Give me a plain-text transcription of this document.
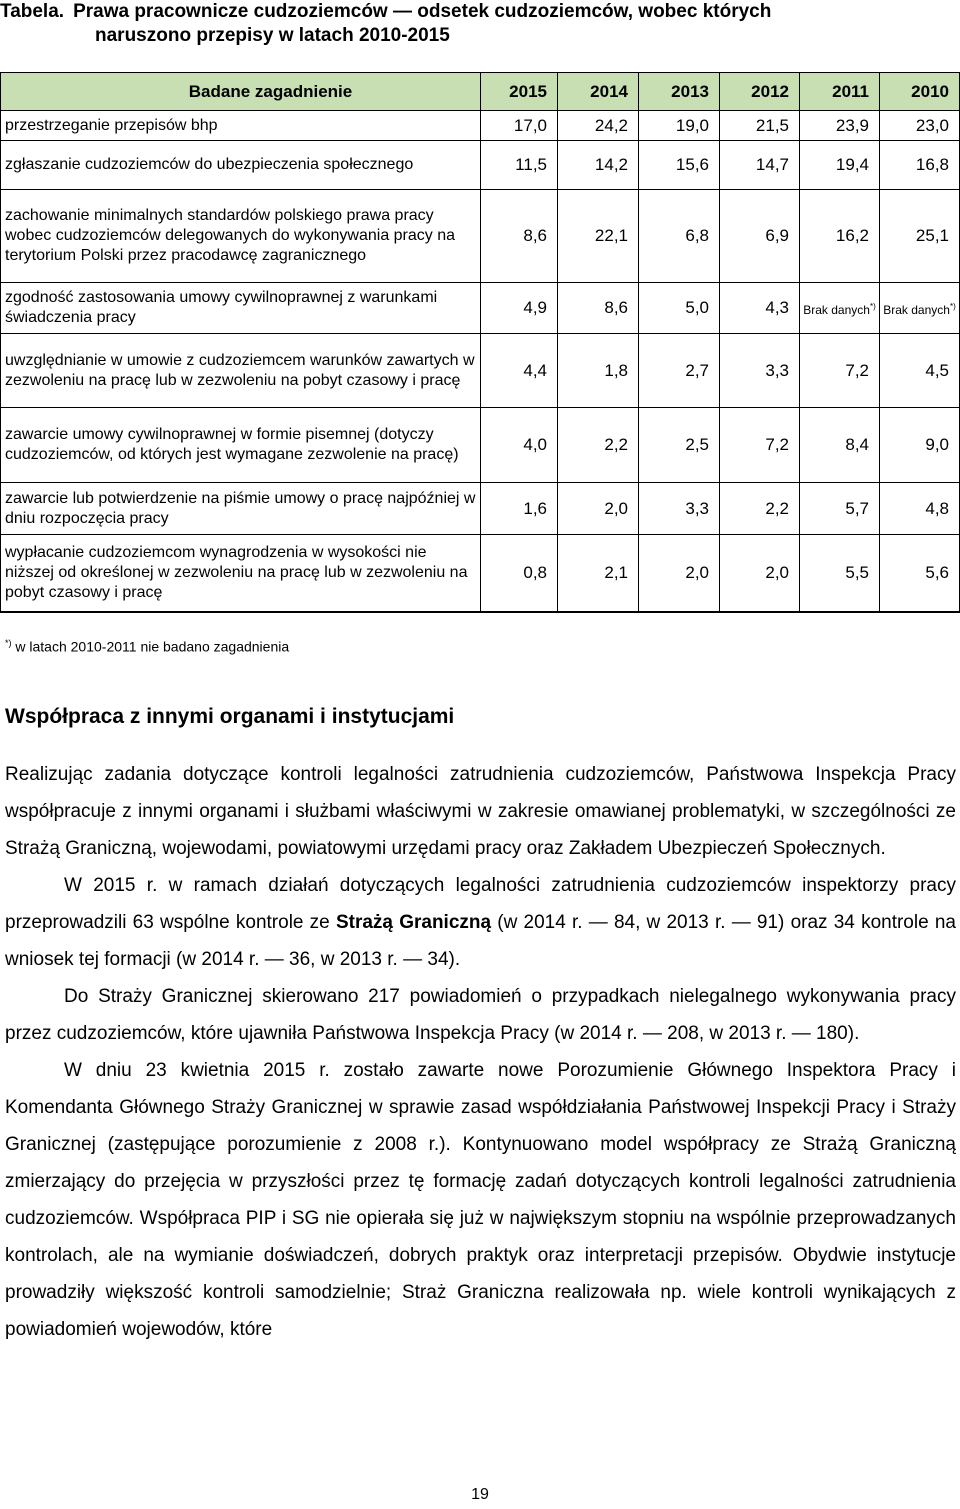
Tabela. Prawa pracownicze cudzoziemców — odsetek cudzoziemców, wobec których
naruszono przepisy w latach 2010-2015
Badane zagadnienie	2015	2014	2013	2012	2011	2010
przestrzeganie przepisów bhp	17,0	24,2	19,0	21,5	23,9	23,0
zgłaszanie cudzoziemców do ubezpieczenia społecznego	11,5	14,2	15,6	14,7	19,4	16,8
zachowanie minimalnych standardów polskiego prawa pracy wobec cudzoziemców delegowanych do wykonywania pracy na terytorium Polski przez pracodawcę zagranicznego	8,6	22,1	6,8	6,9	16,2	25,1
zgodność zastosowania umowy cywilnoprawnej z warunkami świadczenia pracy	4,9	8,6	5,0	4,3	Brak danych*)	Brak danych*)
uwzględnianie w umowie z cudzoziemcem warunków zawartych w zezwoleniu na pracę lub w zezwoleniu na pobyt czasowy i pracę	4,4	1,8	2,7	3,3	7,2	4,5
zawarcie umowy cywilnoprawnej w formie pisemnej (dotyczy cudzoziemców, od których jest wymagane zezwolenie na pracę)	4,0	2,2	2,5	7,2	8,4	9,0
zawarcie lub potwierdzenie na piśmie umowy o pracę najpóźniej w dniu rozpoczęcia pracy	1,6	2,0	3,3	2,2	5,7	4,8
wypłacanie cudzoziemcom wynagrodzenia w wysokości nie niższej od określonej w zezwoleniu na pracę lub w zezwoleniu na pobyt czasowy i pracę	0,8	2,1	2,0	2,0	5,5	5,6
*) w latach 2010-2011 nie badano zagadnienia
Współpraca z innymi organami i instytucjami

Realizując zadania dotyczące kontroli legalności zatrudnienia cudzoziemców, Państwowa Inspekcja Pracy współpracuje z innymi organami i służbami właściwymi w zakresie omawianej problematyki, w szczególności ze Strażą Graniczną, wojewodami, powiatowymi urzędami pracy oraz Zakładem Ubezpieczeń Społecznych.

W 2015 r. w ramach działań dotyczących legalności zatrudnienia cudzoziemców inspektorzy pracy przeprowadzili 63 wspólne kontrole ze Strażą Graniczną (w 2014 r. — 84, w 2013 r. — 91) oraz 34 kontrole na wniosek tej formacji (w 2014 r. — 36, w 2013 r. — 34).

Do Straży Granicznej skierowano 217 powiadomień o przypadkach nielegalnego wykonywania pracy przez cudzoziemców, które ujawniła Państwowa Inspekcja Pracy (w 2014 r. — 208, w 2013 r. — 180).

W dniu 23 kwietnia 2015 r. zostało zawarte nowe Porozumienie Głównego Inspektora Pracy i Komendanta Głównego Straży Granicznej w sprawie zasad współdziałania Państwowej Inspekcji Pracy i Straży Granicznej (zastępujące porozumienie z 2008 r.). Kontynuowano model współpracy ze Strażą Graniczną zmierzający do przejęcia w przyszłości przez tę formację zadań dotyczących kontroli legalności zatrudnienia cudzoziemców. Współpraca PIP i SG nie opierała się już w największym stopniu na wspólnie przeprowadzanych kontrolach, ale na wymianie doświadczeń, dobrych praktyk oraz interpretacji przepisów. Obydwie instytucje prowadziły większość kontroli samodzielnie; Straż Graniczna realizowała np. wiele kontroli wynikających z powiadomień wojewodów, które

19
